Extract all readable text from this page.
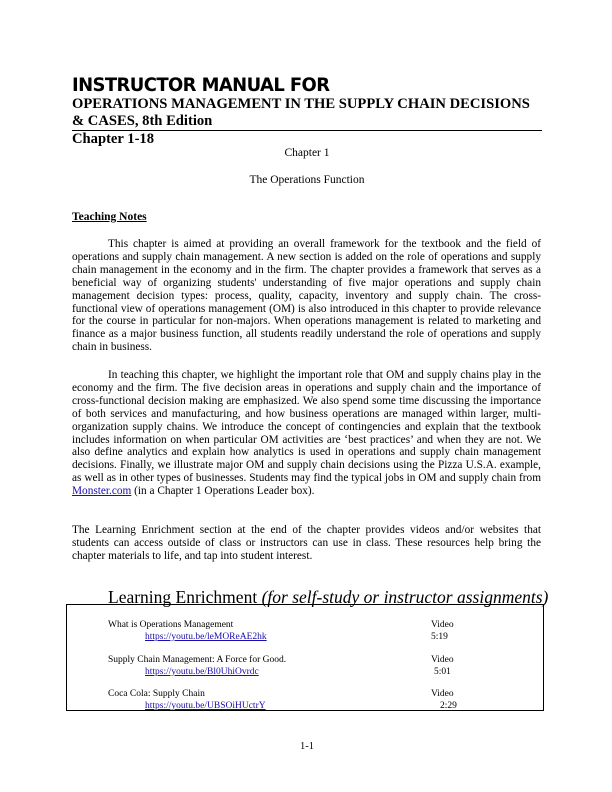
INSTRUCTOR MANUAL FOR
OPERATIONS MANAGEMENT IN THE SUPPLY CHAIN DECISIONS & CASES, 8th Edition
Chapter 1-18
Chapter 1
The Operations Function
Teaching Notes
This chapter is aimed at providing an overall framework for the textbook and the field of operations and supply chain management. A new section is added on the role of operations and supply chain management in the economy and in the firm. The chapter provides a framework that serves as a beneficial way of organizing students' understanding of five major operations and supply chain management decision types: process, quality, capacity, inventory and supply chain. The cross-functional view of operations management (OM) is also introduced in this chapter to provide relevance for the course in particular for non-majors. When operations management is related to marketing and finance as a major business function, all students readily understand the role of operations and supply chain in business.
In teaching this chapter, we highlight the important role that OM and supply chains play in the economy and the firm. The five decision areas in operations and supply chain and the importance of cross-functional decision making are emphasized. We also spend some time discussing the importance of both services and manufacturing, and how business operations are managed within larger, multi-organization supply chains. We introduce the concept of contingencies and explain that the textbook includes information on when particular OM activities are ‘best practices’ and when they are not. We also define analytics and explain how analytics is used in operations and supply chain management decisions. Finally, we illustrate major OM and supply chain decisions using the Pizza U.S.A. example, as well as in other types of businesses. Students may find the typical jobs in OM and supply chain from Monster.com (in a Chapter 1 Operations Leader box).
The Learning Enrichment section at the end of the chapter provides videos and/or websites that students can access outside of class or instructors can use in class. These resources help bring the chapter materials to life, and tap into student interest.
Learning Enrichment (for self-study or instructor assignments)
What is Operations Management
https://youtu.be/leMOReAE2hk
Video
5:19
Supply Chain Management: A Force for Good.
https://youtu.be/Bl0UhiOvrdc
Video
5:01
Coca Cola: Supply Chain
https://youtu.be/UBSOiHUctrY
Video
2:29
1-1
